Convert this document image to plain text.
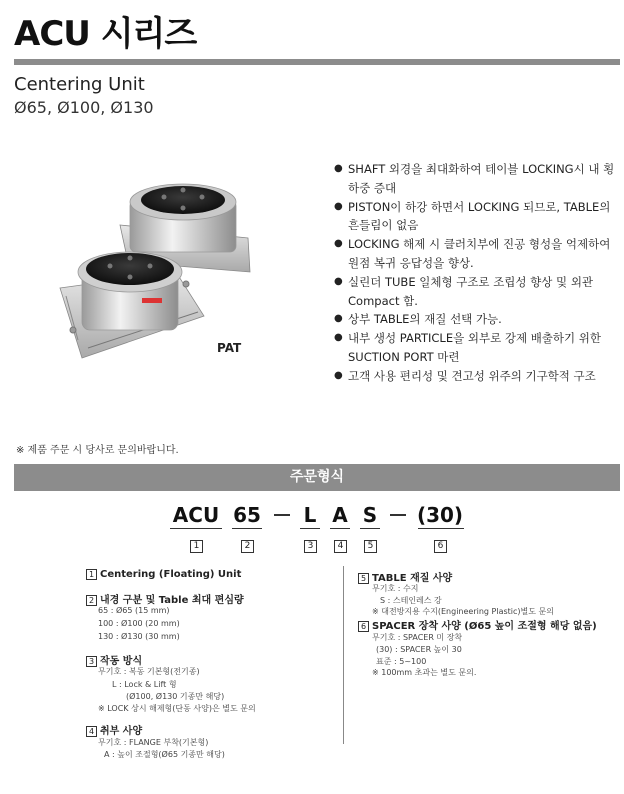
ACU 시리즈
Centering Unit
Ø65, Ø100, Ø130
PAT
● SHAFT 외경을 최대화하여 테이블 LOCKING시 내 횡하중 증대
● PISTON이 하강 하면서 LOCKING 되므로, TABLE의 흔들림이 없음
● LOCKING 해제 시 클러치부에 진공 형성을 억제하여 원점 복귀 응답성을 향상.
● 실린더 TUBE 일체형 구조로 조립성 향상 및 외관 Compact 함.
● 상부 TABLE의 재질 선택 가능.
● 내부 생성 PARTICLE을 외부로 강제 배출하기 위한 SUCTION PORT 마련
● 고객 사용 편리성 및 견고성 위주의 기구학적 구조
※ 제품 주문 시 당사로 문의바랍니다.
주문형식
ACU 65 L A S (30)
1	2	3	4	5	6
1 Centering (Floating) Unit
2 내경 구분 및 Table 최대 편심량
65 : Ø65 (15 mm)
100 : Ø100 (20 mm)
130 : Ø130 (30 mm)
3 작동 방식
무기호 : 복동 기본형(전기종)
L : Lock & Lift 형
(Ø100, Ø130 기종만 해당)
※ LOCK 상시 해제형(단동 사양)은 별도 문의
4 취부 사양
무기호 : FLANGE 부착(기본형)
A : 높이 조절형(Ø65 기종만 해당)
5 TABLE 재질 사양
무기호 : 수지
S : 스테인레스 강
※ 대전방지용 수지(Engineering Plastic)별도 문의
6 SPACER 장착 사양 (Ø65 높이 조절형 해당 없음)
무기호 : SPACER 미 장착
(30) : SPACER 높이 30
표준 : 5~100
※ 100mm 초과는 별도 문의.
